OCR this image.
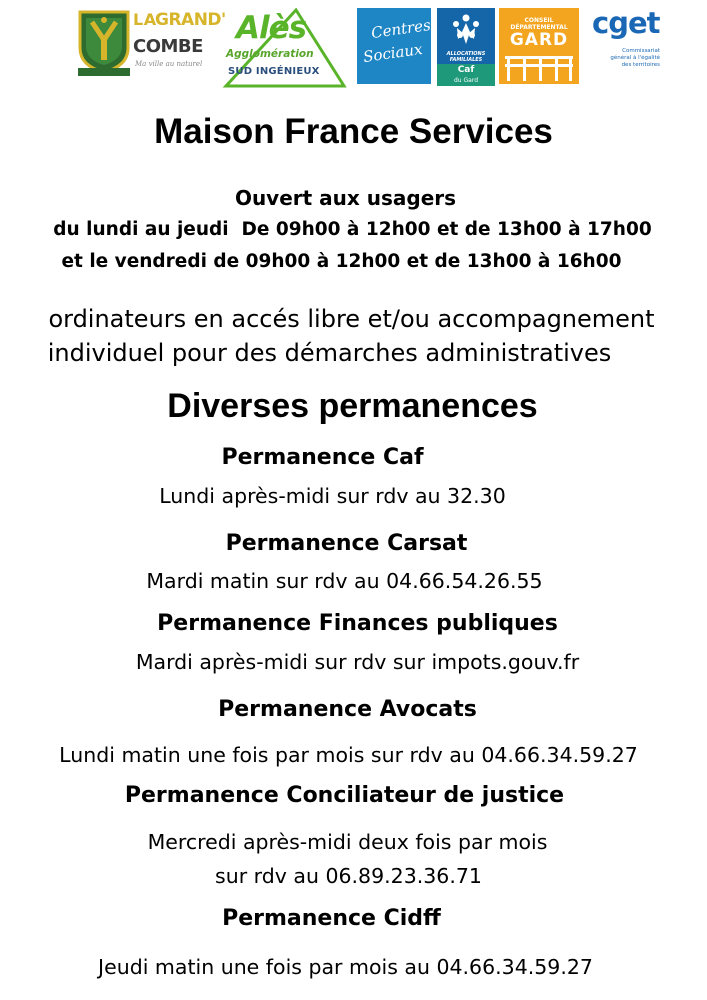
LA
GRAND'
COMBE
Ma ville au naturel
Alès
Agglomération
SUD INGÉNIEUX
Centres
Sociaux	ALLOCATIONS FAMILIALES
Caf
du Gard
CONSEIL DÉPARTEMENTAL
GARD cget
Commissariat général à l'égalité des territoires
Maison France Services
Ouvert aux usagers
du lundi au jeudi  De 09h00 à 12h00 et de 13h00 à 17h00
et le vendredi de 09h00 à 12h00 et de 13h00 à 16h00
ordinateurs en accés libre et/ou accompagnement
individuel pour des démarches administratives
Diverses permanences
Permanence Caf
Lundi après-midi sur rdv au 32.30
Permanence Carsat
Mardi matin sur rdv au 04.66.54.26.55
Permanence Finances publiques
Mardi après-midi sur rdv sur impots.gouv.fr
Permanence Avocats
Lundi matin une fois par mois sur rdv au 04.66.34.59.27
Permanence Conciliateur de justice
Mercredi après-midi deux fois par mois
sur rdv au 06.89.23.36.71
Permanence Cidff
Jeudi matin une fois par mois au 04.66.34.59.27
